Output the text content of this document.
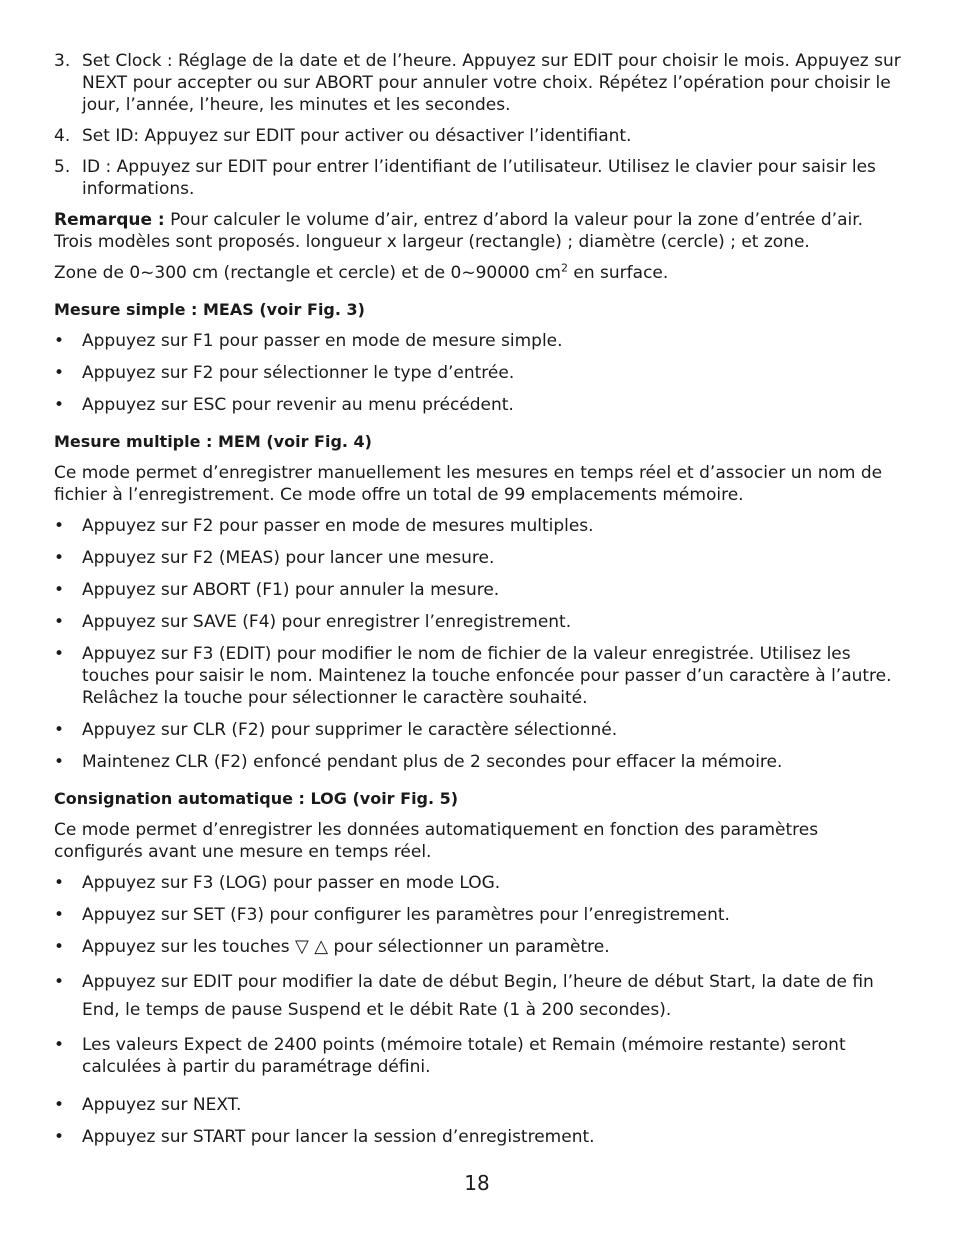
3. Set Clock : Réglage de la date et de l’heure. Appuyez sur EDIT pour choisir le mois. Appuyez sur NEXT pour accepter ou sur ABORT pour annuler votre choix. Répétez l’opération pour choisir le jour, l’année, l’heure, les minutes et les secondes.
4. Set ID: Appuyez sur EDIT pour activer ou désactiver l’identifiant.
5. ID : Appuyez sur EDIT pour entrer l’identifiant de l’utilisateur. Utilisez le clavier pour saisir les informations.

Remarque : Pour calculer le volume d’air, entrez d’abord la valeur pour la zone d’entrée d’air. Trois modèles sont proposés. longueur x largeur (rectangle) ; diamètre (cercle) ; et zone.

Zone de 0~300 cm (rectangle et cercle) et de 0~90000 $cm^2$ en surface.

Mesure simple : MEAS (voir Fig. 3)
• Appuyez sur F1 pour passer en mode de mesure simple.
• Appuyez sur F2 pour sélectionner le type d’entrée.
• Appuyez sur ESC pour revenir au menu précédent.
Mesure multiple : MEM (voir Fig. 4)

Ce mode permet d’enregistrer manuellement les mesures en temps réel et d’associer un nom de fichier à l’enregistrement. Ce mode offre un total de 99 emplacements mémoire.

• Appuyez sur F2 pour passer en mode de mesures multiples.
• Appuyez sur F2 (MEAS) pour lancer une mesure.
• Appuyez sur ABORT (F1) pour annuler la mesure.
• Appuyez sur SAVE (F4) pour enregistrer l’enregistrement.
• Appuyez sur F3 (EDIT) pour modifier le nom de fichier de la valeur enregistrée. Utilisez les touches pour saisir le nom. Maintenez la touche enfoncée pour passer d’un caractère à l’autre. Relâchez la touche pour sélectionner le caractère souhaité.
• Appuyez sur CLR (F2) pour supprimer le caractère sélectionné.
• Maintenez CLR (F2) enfoncé pendant plus de 2 secondes pour effacer la mémoire.
Consignation automatique : LOG (voir Fig. 5)

Ce mode permet d’enregistrer les données automatiquement en fonction des paramètres configurés avant une mesure en temps réel.

• Appuyez sur F3 (LOG) pour passer en mode LOG.
• Appuyez sur SET (F3) pour configurer les paramètres pour l’enregistrement.
• Appuyez sur les touches ▽ △ pour sélectionner un paramètre.
• Appuyez sur EDIT pour modifier la date de début Begin, l’heure de début Start, la date de fin End, le temps de pause Suspend et le débit Rate (1 à 200 secondes).
• Les valeurs Expect de 2400 points (mémoire totale) et Remain (mémoire restante) seront calculées à partir du paramétrage défini.
• Appuyez sur NEXT.
• Appuyez sur START pour lancer la session d’enregistrement.
18
